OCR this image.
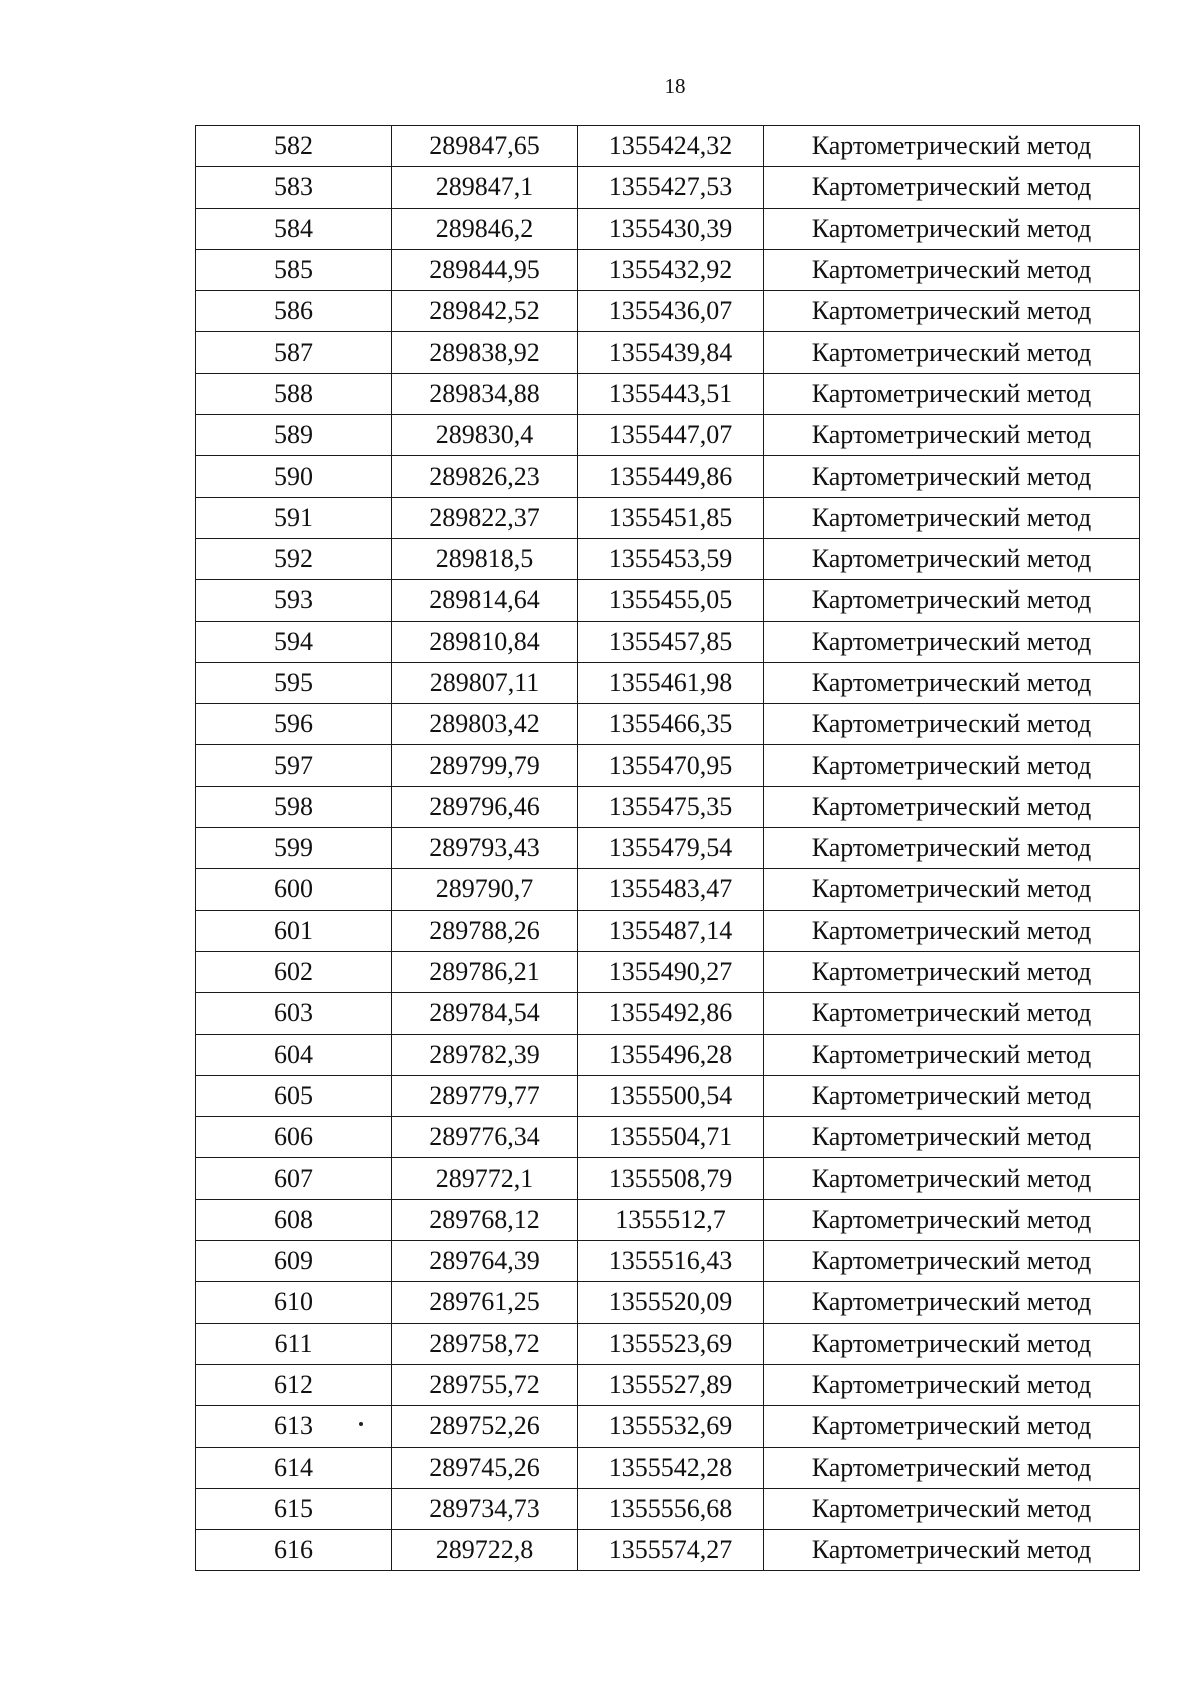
18
582	289847,65	1355424,32	Картометрический метод
583	289847,1	1355427,53	Картометрический метод
584	289846,2	1355430,39	Картометрический метод
585	289844,95	1355432,92	Картометрический метод
586	289842,52	1355436,07	Картометрический метод
587	289838,92	1355439,84	Картометрический метод
588	289834,88	1355443,51	Картометрический метод
589	289830,4	1355447,07	Картометрический метод
590	289826,23	1355449,86	Картометрический метод
591	289822,37	1355451,85	Картометрический метод
592	289818,5	1355453,59	Картометрический метод
593	289814,64	1355455,05	Картометрический метод
594	289810,84	1355457,85	Картометрический метод
595	289807,11	1355461,98	Картометрический метод
596	289803,42	1355466,35	Картометрический метод
597	289799,79	1355470,95	Картометрический метод
598	289796,46	1355475,35	Картометрический метод
599	289793,43	1355479,54	Картометрический метод
600	289790,7	1355483,47	Картометрический метод
601	289788,26	1355487,14	Картометрический метод
602	289786,21	1355490,27	Картометрический метод
603	289784,54	1355492,86	Картометрический метод
604	289782,39	1355496,28	Картометрический метод
605	289779,77	1355500,54	Картометрический метод
606	289776,34	1355504,71	Картометрический метод
607	289772,1	1355508,79	Картометрический метод
608	289768,12	1355512,7	Картометрический метод
609	289764,39	1355516,43	Картометрический метод
610	289761,25	1355520,09	Картометрический метод
611	289758,72	1355523,69	Картометрический метод
612	289755,72	1355527,89	Картометрический метод
613	289752,26	1355532,69	Картометрический метод
614	289745,26	1355542,28	Картометрический метод
615	289734,73	1355556,68	Картометрический метод
616	289722,8	1355574,27	Картометрический метод
